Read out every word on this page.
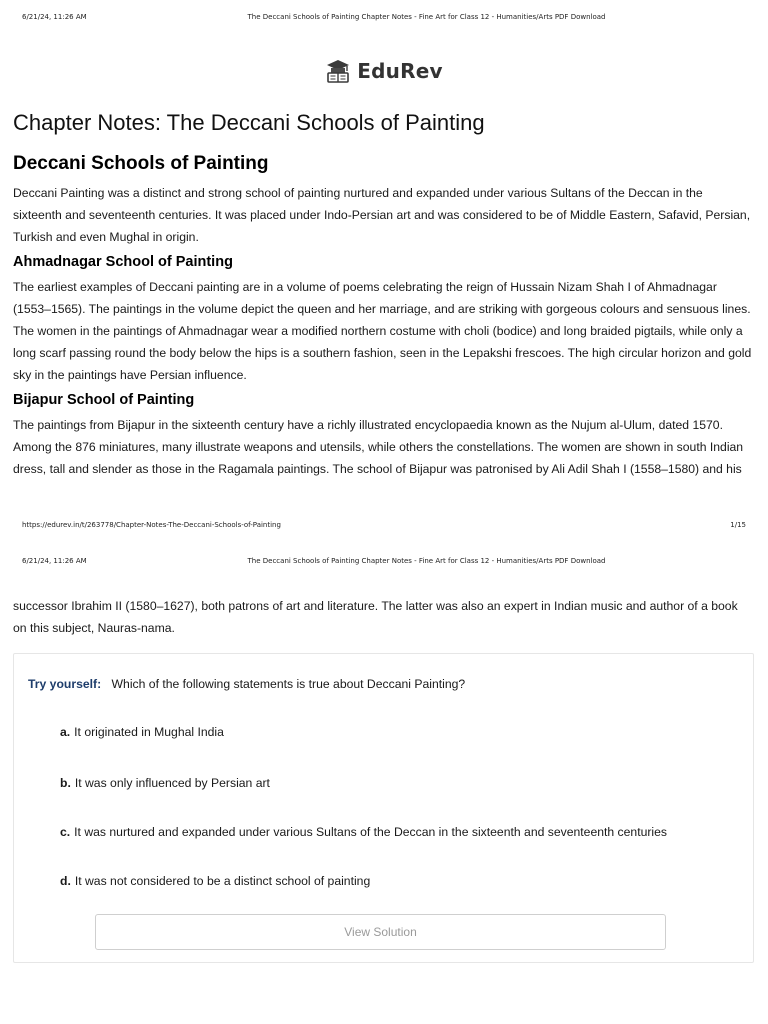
6/21/24, 11:26 AM	The Deccani Schools of Painting Chapter Notes - Fine Art for Class 12 - Humanities/Arts PDF Download
EduRev
Chapter Notes: The Deccani Schools of Painting
Deccani Schools of Painting

Deccani Painting was a distinct and strong school of painting nurtured and expanded under various Sultans of the Deccan in the sixteenth and seventeenth centuries. It was placed under Indo-Persian art and was considered to be of Middle Eastern, Safavid, Persian, Turkish and even Mughal in origin.

Ahmadnagar School of Painting

The earliest examples of Deccani painting are in a volume of poems celebrating the reign of Hussain Nizam Shah I of Ahmadnagar (1553–1565). The paintings in the volume depict the queen and her marriage, and are striking with gorgeous colours and sensuous lines. The women in the paintings of Ahmadnagar wear a modified northern costume with choli (bodice) and long braided pigtails, while only a long scarf passing round the body below the hips is a southern fashion, seen in the Lepakshi frescoes. The high circular horizon and gold sky in the paintings have Persian influence.

Bijapur School of Painting

The paintings from Bijapur in the sixteenth century have a richly illustrated encyclopaedia known as the Nujum al-Ulum, dated 1570. Among the 876 miniatures, many illustrate weapons and utensils, while others the constellations. The women are shown in south Indian dress, tall and slender as those in the Ragamala paintings. The school of Bijapur was patronised by Ali Adil Shah I (1558–1580) and his

https://edurev.in/t/263778/Chapter-Notes-The-Deccani-Schools-of-Painting	1/15
6/21/24, 11:26 AM	The Deccani Schools of Painting Chapter Notes - Fine Art for Class 12 - Humanities/Arts PDF Download

successor Ibrahim II (1580–1627), both patrons of art and literature. The latter was also an expert in Indian music and author of a book on this subject, Nauras-nama.

Try yourself: Which of the following statements is true about Deccani Painting?
a. It originated in Mughal India
b. It was only influenced by Persian art
c. It was nurtured and expanded under various Sultans of the Deccan in the sixteenth and seventeenth centuries
d. It was not considered to be a distinct school of painting
View Solution
